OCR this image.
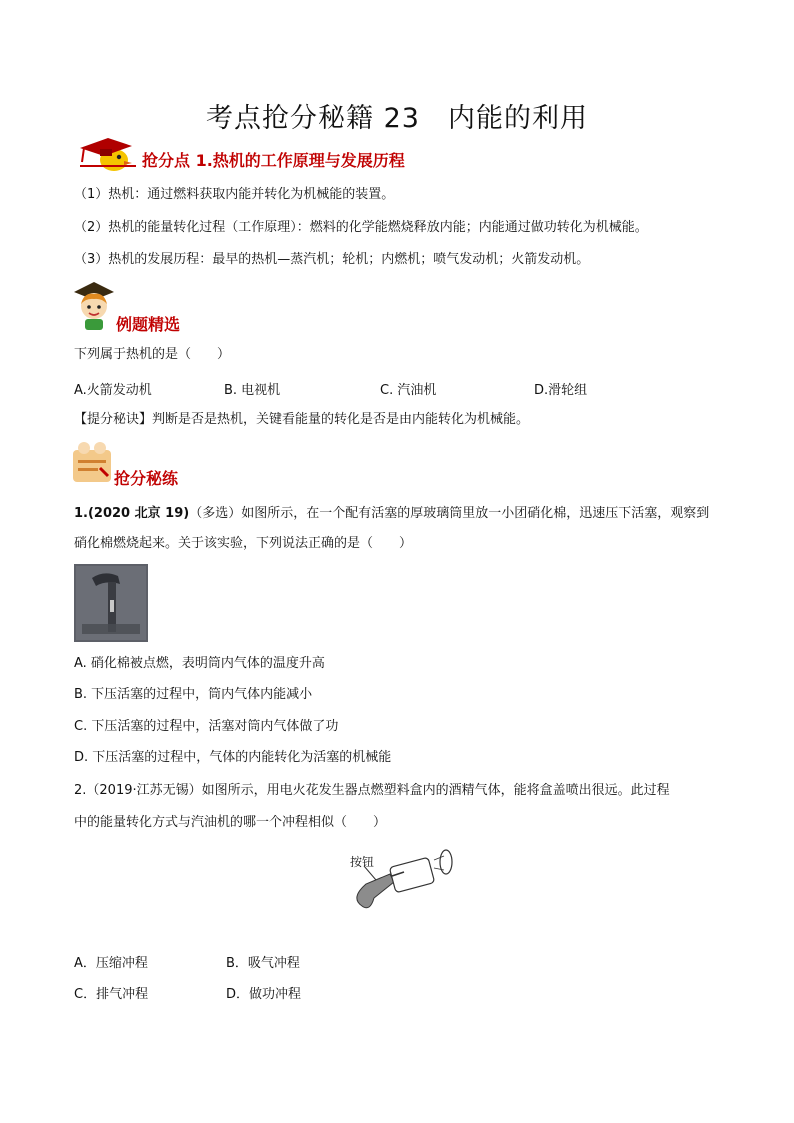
考点抢分秘籍 23　内能的利用
抢分点 1.热机的工作原理与发展历程
（1）热机：通过燃料获取内能并转化为机械能的装置。
（2）热机的能量转化过程（工作原理）：燃料的化学能燃烧释放内能；内能通过做功转化为机械能。
（3）热机的发展历程：最早的热机—蒸汽机；轮机；内燃机；喷气发动机；火箭发动机。
例题精选
下列属于热机的是（　　）
A.火箭发动机	B. 电视机	C. 汽油机	D.滑轮组
【提分秘诀】判断是否是热机，关键看能量的转化是否是由内能转化为机械能。
抢分秘练
1.(2020 北京 19)（多选）如图所示，在一个配有活塞的厚玻璃筒里放一小团硝化棉，迅速压下活塞，观察到
硝化棉燃烧起来。关于该实验，下列说法正确的是（　　）
A. 硝化棉被点燃，表明筒内气体的温度升高
B. 下压活塞的过程中，筒内气体内能减小
C. 下压活塞的过程中，活塞对筒内气体做了功
D. 下压活塞的过程中，气体的内能转化为活塞的机械能
2.（2019·江苏无锡）如图所示，用电火花发生器点燃塑料盒内的酒精气体，能将盒盖喷出很远。此过程
中的能量转化方式与汽油机的哪一个冲程相似（　　）
按钮
A．压缩冲程	B．吸气冲程
C．排气冲程	D．做功冲程
